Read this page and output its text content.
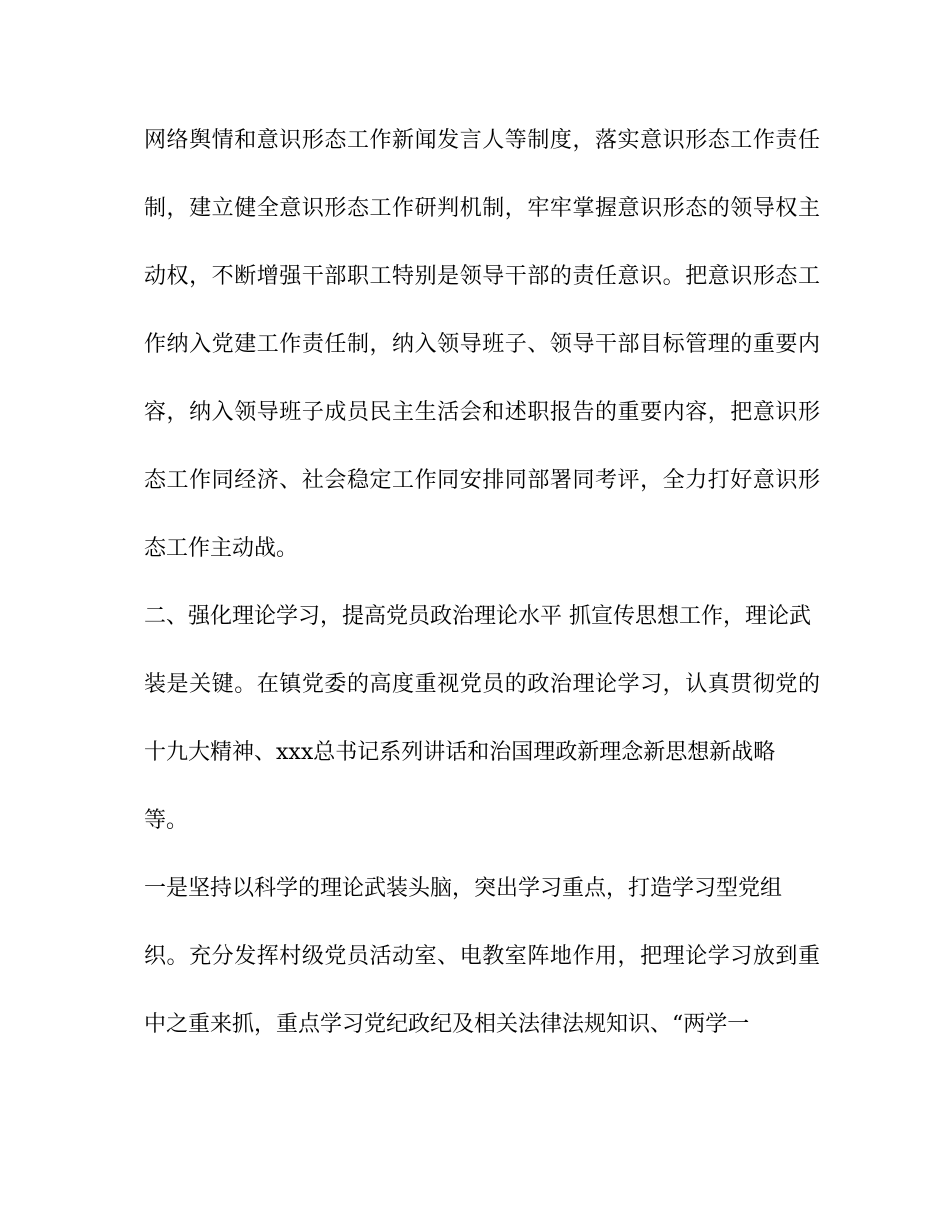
网络舆情和意识形态工作新闻发言人等制度，落实意识形态工作责任
制，建立健全意识形态工作研判机制，牢牢掌握意识形态的领导权主
动权，不断增强干部职工特别是领导干部的责任意识。把意识形态工
作纳入党建工作责任制，纳入领导班子、领导干部目标管理的重要内
容，纳入领导班子成员民主生活会和述职报告的重要内容，把意识形
态工作同经济、社会稳定工作同安排同部署同考评，全力打好意识形
态工作主动战。
二、强化理论学习，提高党员政治理论水平 抓宣传思想工作，理论武
装是关键。在镇党委的高度重视党员的政治理论学习，认真贯彻党的
十九大精神、xxx总书记系列讲话和治国理政新理念新思想新战略
等。
一是坚持以科学的理论武装头脑，突出学习重点，打造学习型党组
织。充分发挥村级党员活动室、电教室阵地作用，把理论学习放到重
中之重来抓，重点学习党纪政纪及相关法律法规知识、“两学一
